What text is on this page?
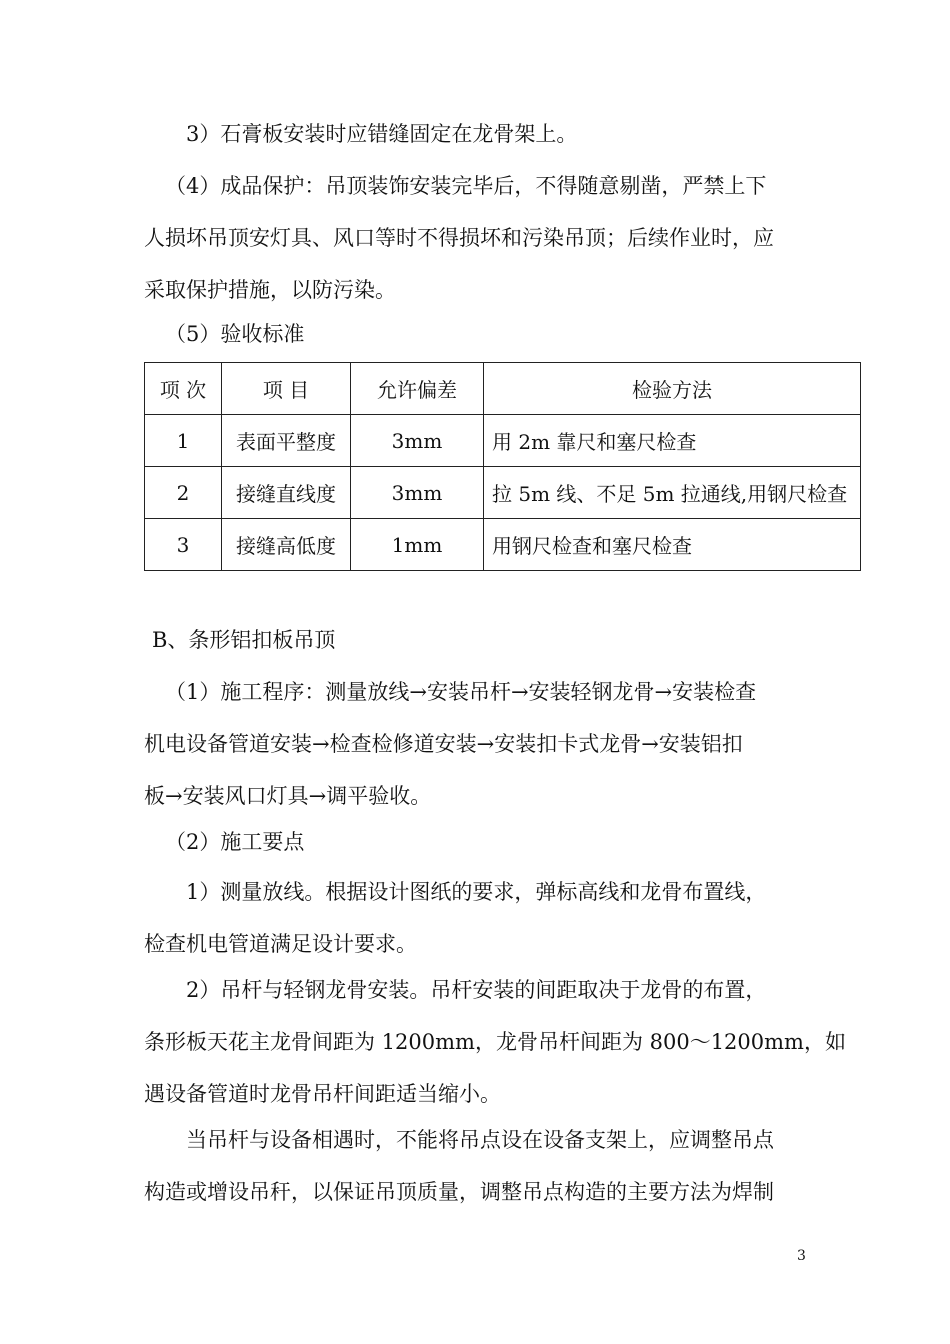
3）石膏板安装时应错缝固定在龙骨架上。
（4）成品保护：吊顶装饰安装完毕后，不得随意剔凿，严禁上下
人损坏吊顶安灯具、风口等时不得损坏和污染吊顶；后续作业时，应
采取保护措施，以防污染。
（5）验收标准
项 次	项 目	允许偏差	检验方法
1	表面平整度	3mm	用 2m 靠尺和塞尺检查
2	接缝直线度	3mm	拉 5m 线、不足 5m 拉通线,用钢尺检查
3	接缝高低度	1mm	用钢尺检查和塞尺检查
B、条形铝扣板吊顶
（1）施工程序：测量放线→安装吊杆→安装轻钢龙骨→安装检查
机电设备管道安装→检查检修道安装→安装扣卡式龙骨→安装铝扣
板→安装风口灯具→调平验收。
（2）施工要点
1）测量放线。根据设计图纸的要求，弹标高线和龙骨布置线，
检查机电管道满足设计要求。
2）吊杆与轻钢龙骨安装。吊杆安装的间距取决于龙骨的布置，
条形板天花主龙骨间距为 1200mm，龙骨吊杆间距为 800～1200mm，如
遇设备管道时龙骨吊杆间距适当缩小。
当吊杆与设备相遇时，不能将吊点设在设备支架上，应调整吊点
构造或增设吊秆，以保证吊顶质量，调整吊点构造的主要方法为焊制
3
